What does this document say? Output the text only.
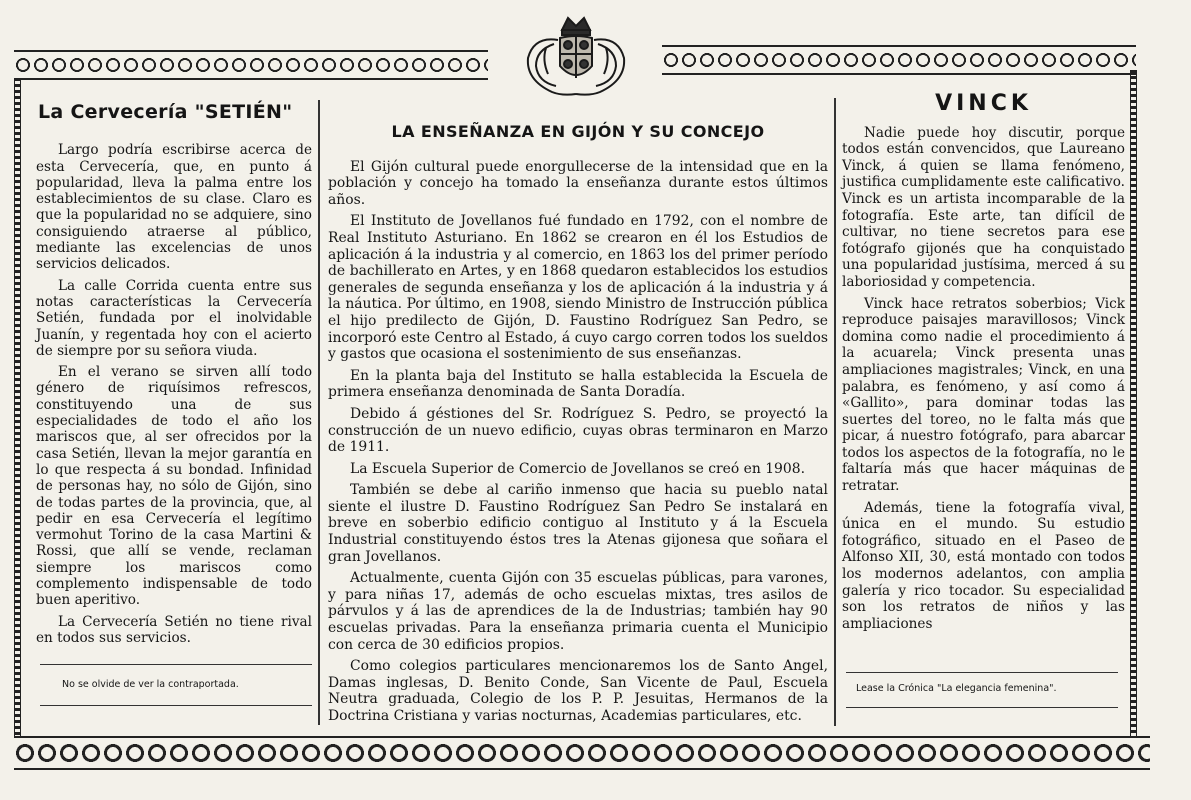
La Cervecería "SETIÉN"

Largo podría escribirse acerca de esta Cervecería, que, en punto á popularidad, lleva la palma entre los establecimientos de su clase. Claro es que la popularidad no se adquiere, sino consiguiendo atraerse al público, mediante las excelencias de unos servicios delicados.

La calle Corrida cuenta entre sus notas características la Cervecería Setién, fundada por el inolvidable Juanín, y regentada hoy con el acierto de siempre por su señora viuda.

En el verano se sirven allí todo género de riquísimos refrescos, constituyendo una de sus especialidades de todo el año los mariscos que, al ser ofrecidos por la casa Setién, llevan la mejor garantía en lo que respecta á su bondad. Infinidad de personas hay, no sólo de Gijón, sino de todas partes de la provincia, que, al pedir en esa Cervecería el legítimo vermohut Torino de la casa Martini & Rossi, que allí se vende, reclaman siempre los mariscos como complemento indispensable de todo buen aperitivo.

La Cervecería Setién no tiene rival en todos sus servicios.

No se olvide de ver la contraportada.
LA ENSEÑANZA EN GIJÓN Y SU CONCEJO

El Gijón cultural puede enorgullecerse de la intensidad que en la población y concejo ha tomado la enseñanza durante estos últimos años.

El Instituto de Jovellanos fué fundado en 1792, con el nombre de Real Instituto Asturiano. En 1862 se crearon en él los Estudios de aplicación á la industria y al comercio, en 1863 los del primer período de bachillerato en Artes, y en 1868 quedaron establecidos los estudios generales de segunda enseñanza y los de aplicación á la industria y á la náutica. Por último, en 1908, siendo Ministro de Instrucción pública el hijo predilecto de Gijón, D. Faustino Rodríguez San Pedro, se incorporó este Centro al Estado, á cuyo cargo corren todos los sueldos y gastos que ocasiona el sostenimiento de sus enseñanzas.

En la planta baja del Instituto se halla establecida la Escuela de primera enseñanza denominada de Santa Doradía.

Debido á géstiones del Sr. Rodríguez S. Pedro, se proyectó la construcción de un nuevo edificio, cuyas obras terminaron en Marzo de 1911.

La Escuela Superior de Comercio de Jovellanos se creó en 1908.

También se debe al cariño inmenso que hacia su pueblo natal siente el ilustre D. Faustino Rodríguez San Pedro Se instalará en breve en soberbio edificio contiguo al Instituto y á la Escuela Industrial constituyendo éstos tres la Atenas gijonesa que soñara el gran Jovellanos.

Actualmente, cuenta Gijón con 35 escuelas públicas, para varones, y para niñas 17, además de ocho escuelas mixtas, tres asilos de párvulos y á las de aprendices de la de Industrias; también hay 90 escuelas privadas. Para la enseñanza primaria cuenta el Municipio con cerca de 30 edificios propios.

Como colegios particulares mencionaremos los de Santo Angel, Damas inglesas, D. Benito Conde, San Vicente de Paul, Escuela Neutra graduada, Colegio de los P. P. Jesuitas, Hermanos de la Doctrina Cristiana y varias nocturnas, Academias particulares, etc.

VINCK

Nadie puede hoy discutir, porque todos están convencidos, que Laureano Vinck, á quien se llama fenómeno, justifica cumplidamente este calificativo. Vinck es un artista incomparable de la fotografía. Este arte, tan difícil de cultivar, no tiene secretos para ese fotógrafo gijonés que ha conquistado una popularidad justísima, merced á su laboriosidad y competencia.

Vinck hace retratos soberbios; Vick reproduce paisajes maravillosos; Vinck domina como nadie el procedimiento á la acuarela; Vinck presenta unas ampliaciones magistrales; Vinck, en una palabra, es fenómeno, y así como á «Gallito», para dominar todas las suertes del toreo, no le falta más que picar, á nuestro fotógrafo, para abarcar todos los aspectos de la fotografía, no le faltaría más que hacer máquinas de retratar.

Además, tiene la fotografía vival, única en el mundo. Su estudio fotográfico, situado en el Paseo de Alfonso XII, 30, está montado con todos los modernos adelantos, con amplia galería y rico tocador. Su especialidad son los retratos de niños y las ampliaciones

Lease la Crónica "La elegancia femenina".
